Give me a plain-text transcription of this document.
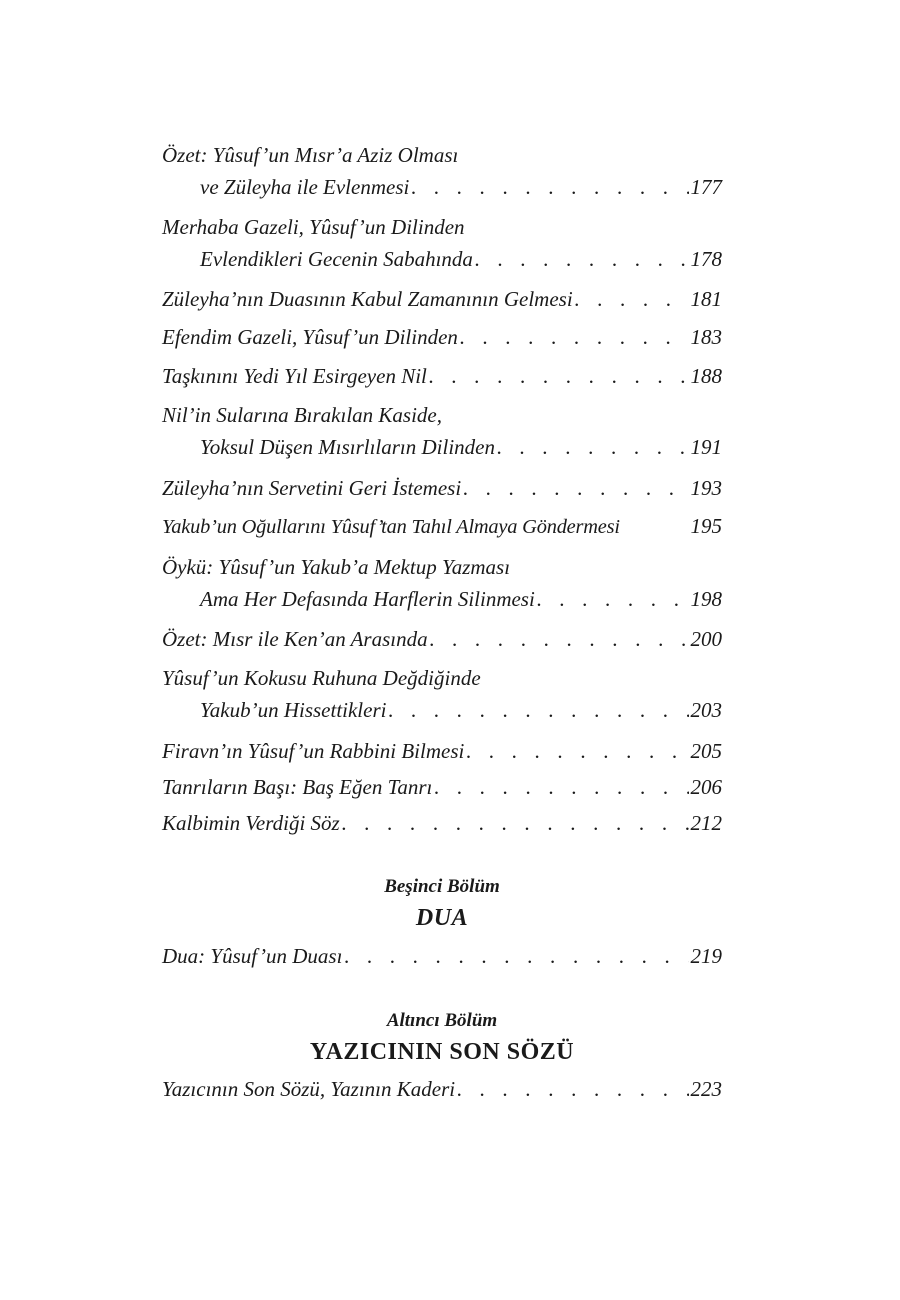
Özet: Yûsuf’un Mısr’a Aziz Olması
ve Züleyha ile Evlenmesi . . .	177
Merhaba Gazeli, Yûsuf’un Dilinden
Evlendikleri Gecenin Sabahında . . .	178
Züleyha’nın Duasının Kabul Zamanının Gelmesi . . .	181
Efendim Gazeli, Yûsuf’un Dilinden . . .	183
Taşkınını Yedi Yıl Esirgeyen Nil . . .	188
Nil’in Sularına Bırakılan Kaside,
Yoksul Düşen Mısırlıların Dilinden . . .	191
Züleyha’nın Servetini Geri İstemesi . . .	193
Yakub’un Oğullarını Yûsuf’tan Tahıl Almaya Göndermesi	195
Öykü: Yûsuf’un Yakub’a Mektup Yazması
Ama Her Defasında Harflerin Silinmesi . . .	198
Özet: Mısr ile Ken’an Arasında . . .	200
Yûsuf’un Kokusu Ruhuna Değdiğinde
Yakub’un Hissettikleri . . .	203
Firavn’ın Yûsuf’un Rabbini Bilmesi . . .	205
Tanrıların Başı: Baş Eğen Tanrı . . .	206
Kalbimin Verdiği Söz . . .	212
Beşinci Bölüm
DUA
Dua: Yûsuf’un Duası . . .	219
Altıncı Bölüm
YAZICININ SON SÖZÜ
Yazıcının Son Sözü, Yazının Kaderi . . .	223
